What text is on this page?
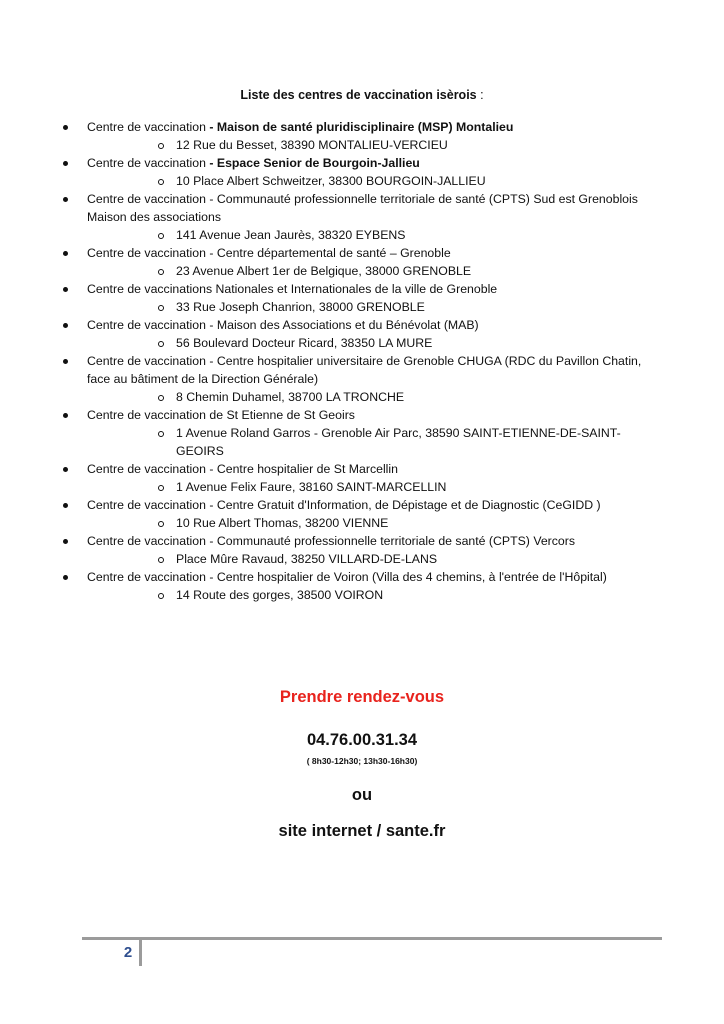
Liste des centres de vaccination isèrois :
Centre de vaccination - Maison de santé pluridisciplinaire (MSP) Montalieu
12 Rue du Besset, 38390 MONTALIEU-VERCIEU
Centre de vaccination - Espace Senior de Bourgoin-Jallieu
10 Place Albert Schweitzer, 38300 BOURGOIN-JALLIEU
Centre de vaccination - Communauté professionnelle territoriale de santé (CPTS) Sud est Grenoblois Maison des associations
141 Avenue Jean Jaurès, 38320 EYBENS
Centre de vaccination - Centre départemental de santé – Grenoble
23 Avenue Albert 1er de Belgique, 38000 GRENOBLE
Centre de vaccinations Nationales et Internationales de la ville de Grenoble
33 Rue Joseph Chanrion, 38000 GRENOBLE
Centre de vaccination - Maison des Associations et du Bénévolat (MAB)
56 Boulevard Docteur Ricard, 38350 LA MURE
Centre de vaccination - Centre hospitalier universitaire de Grenoble CHUGA (RDC du Pavillon Chatin, face au bâtiment de la Direction Générale)
8 Chemin Duhamel, 38700 LA TRONCHE
Centre de vaccination de St Etienne de St Geoirs
1 Avenue Roland Garros - Grenoble Air Parc, 38590 SAINT-ETIENNE-DE-SAINT-GEOIRS
Centre de vaccination - Centre hospitalier de St Marcellin
1 Avenue Felix Faure, 38160 SAINT-MARCELLIN
Centre de vaccination - Centre Gratuit d'Information, de Dépistage et de Diagnostic (CeGIDD )
10 Rue Albert Thomas, 38200 VIENNE
Centre de vaccination - Communauté professionnelle territoriale de santé (CPTS) Vercors
Place Mûre Ravaud, 38250 VILLARD-DE-LANS
Centre de vaccination - Centre hospitalier de Voiron (Villa des 4 chemins, à l'entrée de l'Hôpital)
14 Route des gorges, 38500 VOIRON
Prendre rendez-vous
04.76.00.31.34
( 8h30-12h30; 13h30-16h30)
ou
site internet / sante.fr
2
